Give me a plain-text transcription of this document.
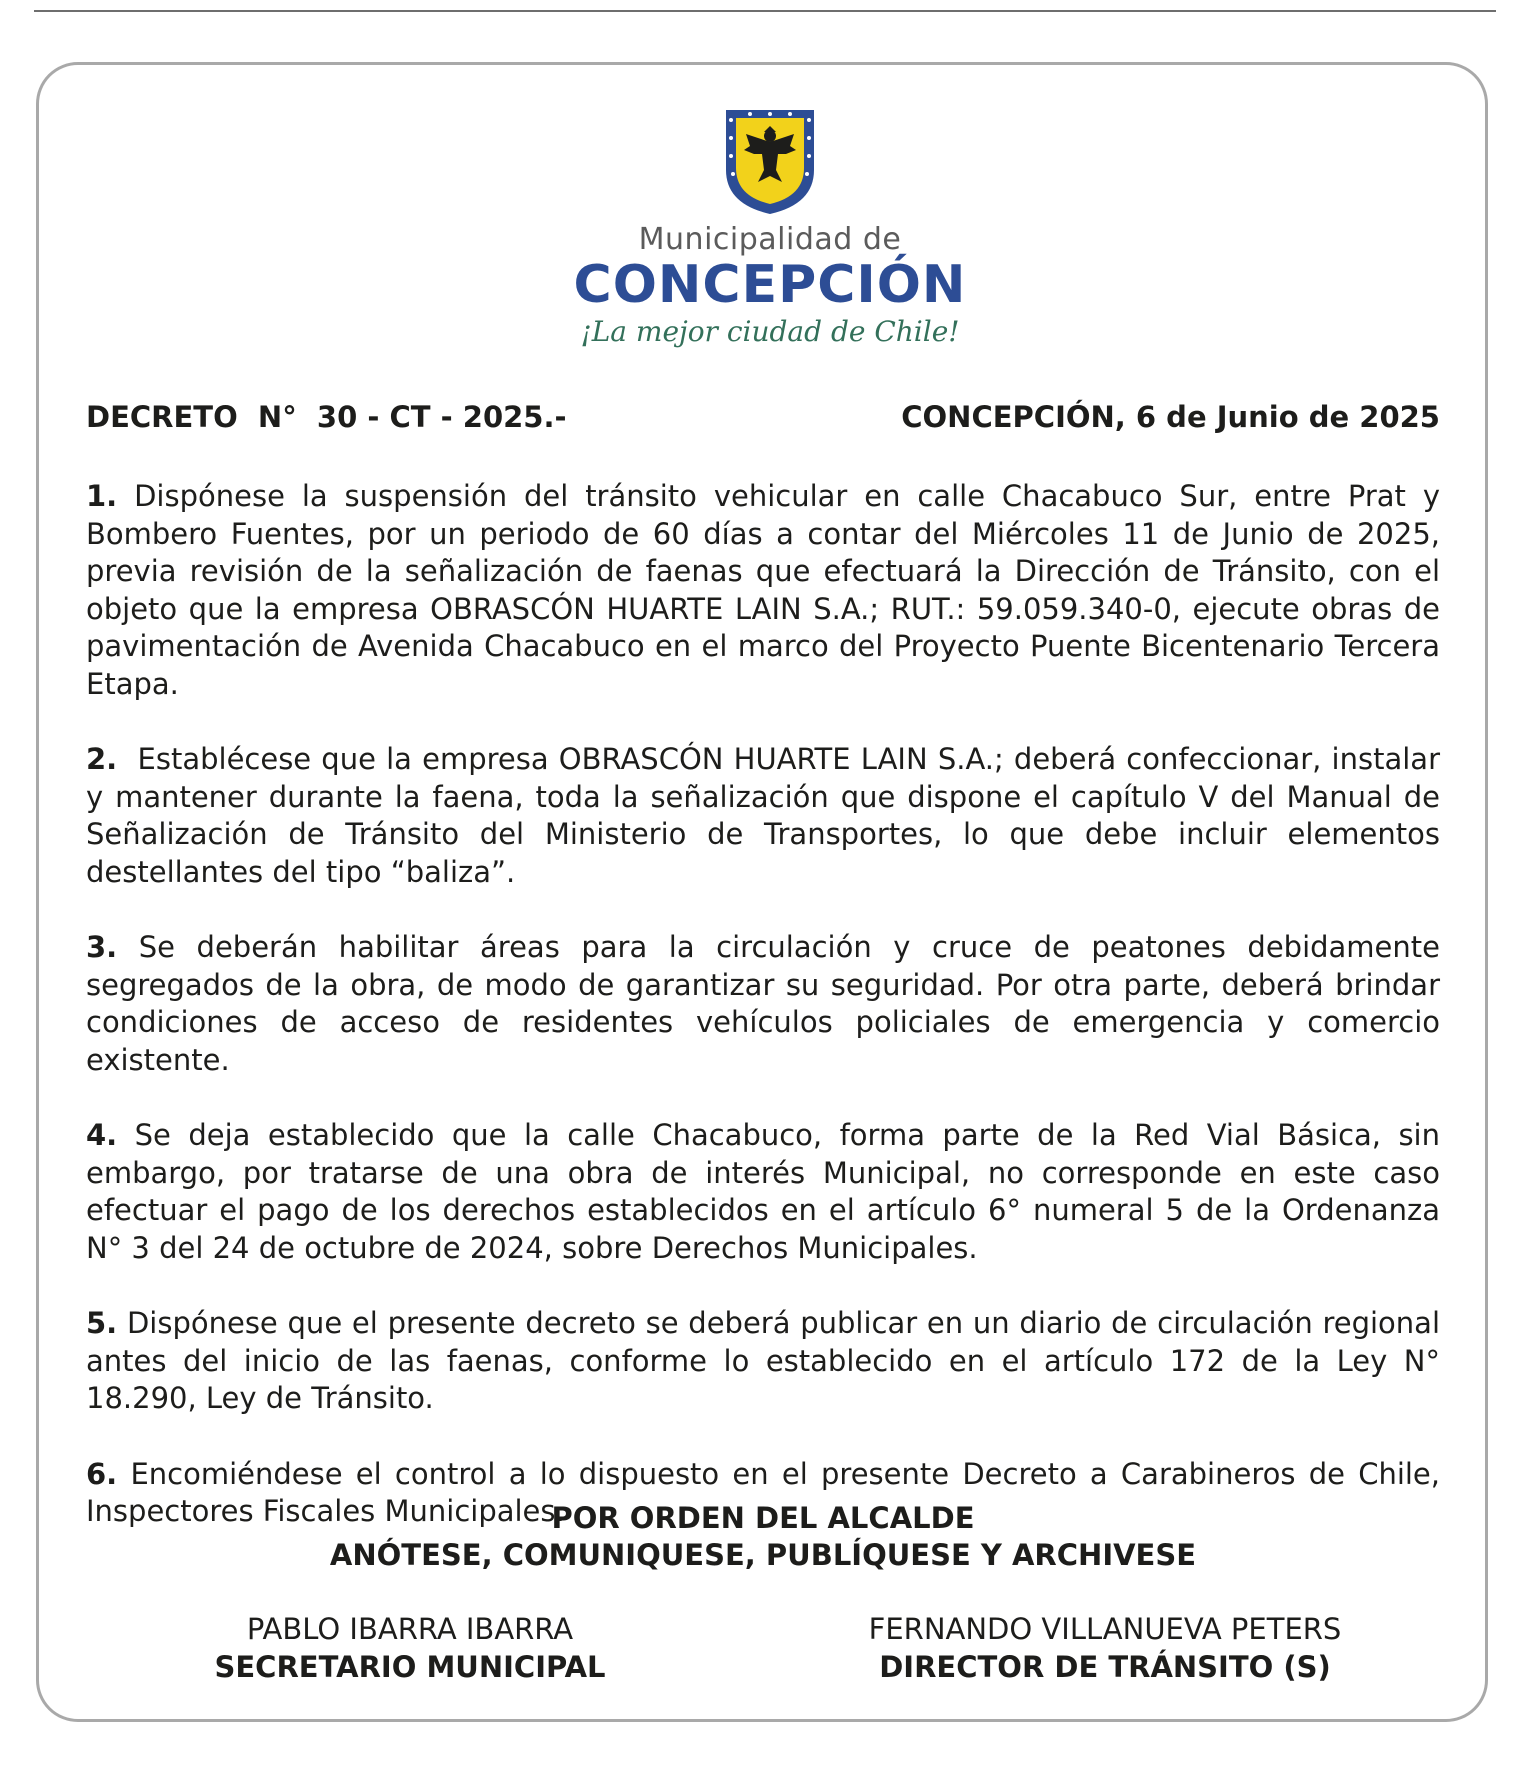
Municipalidad de
CONCEPCIÓN
¡La mejor ciudad de Chile!
DECRETO  N°  30 - CT - 2025.-	CONCEPCIÓN, 6 de Junio de 2025

1. Dispónese la suspensión del tránsito vehicular en calle Chacabuco Sur, entre Prat y Bombero Fuentes, por un periodo de 60 días a contar del Miércoles 11 de Junio de 2025, previa revisión de la señalización de faenas que efectuará la Dirección de Tránsito, con el objeto que la empresa OBRASCÓN HUARTE LAIN S.A.; RUT.: 59.059.340-0, ejecute obras de pavimentación de Avenida Chacabuco en el marco del Proyecto Puente Bicentenario Tercera Etapa.

2.  Establécese que la empresa OBRASCÓN HUARTE LAIN S.A.; deberá confeccionar, instalar y mantener durante la faena, toda la señalización que dispone el capítulo V del Manual de Señalización de Tránsito del Ministerio de Transportes, lo que debe incluir elementos destellantes del tipo “baliza”.

3. Se deberán habilitar áreas para la circulación y cruce de peatones debidamente segregados de la obra, de modo de garantizar su seguridad. Por otra parte, deberá brindar condiciones de acceso de residentes vehículos policiales de emergencia y comercio existente.

4. Se deja establecido que la calle Chacabuco, forma parte de la Red Vial Básica, sin embargo, por tratarse de una obra de interés Municipal, no corresponde en este caso efectuar el pago de los derechos establecidos en el artículo 6° numeral 5 de la Ordenanza N° 3 del 24 de octubre de 2024, sobre Derechos Municipales.

5. Dispónese que el presente decreto se deberá publicar en un diario de circulación regional antes del inicio de las faenas, conforme lo establecido en el artículo 172 de la Ley N° 18.290, Ley de Tránsito.

6. Encomiéndese el control a lo dispuesto en el presente Decreto a Carabineros de Chile, Inspectores Fiscales Municipales.

POR ORDEN DEL ALCALDE
ANÓTESE, COMUNIQUESE, PUBLÍQUESE Y ARCHIVESE
PABLO IBARRA IBARRA
SECRETARIO MUNICIPAL
FERNANDO VILLANUEVA PETERS
DIRECTOR DE TRÁNSITO (S)
